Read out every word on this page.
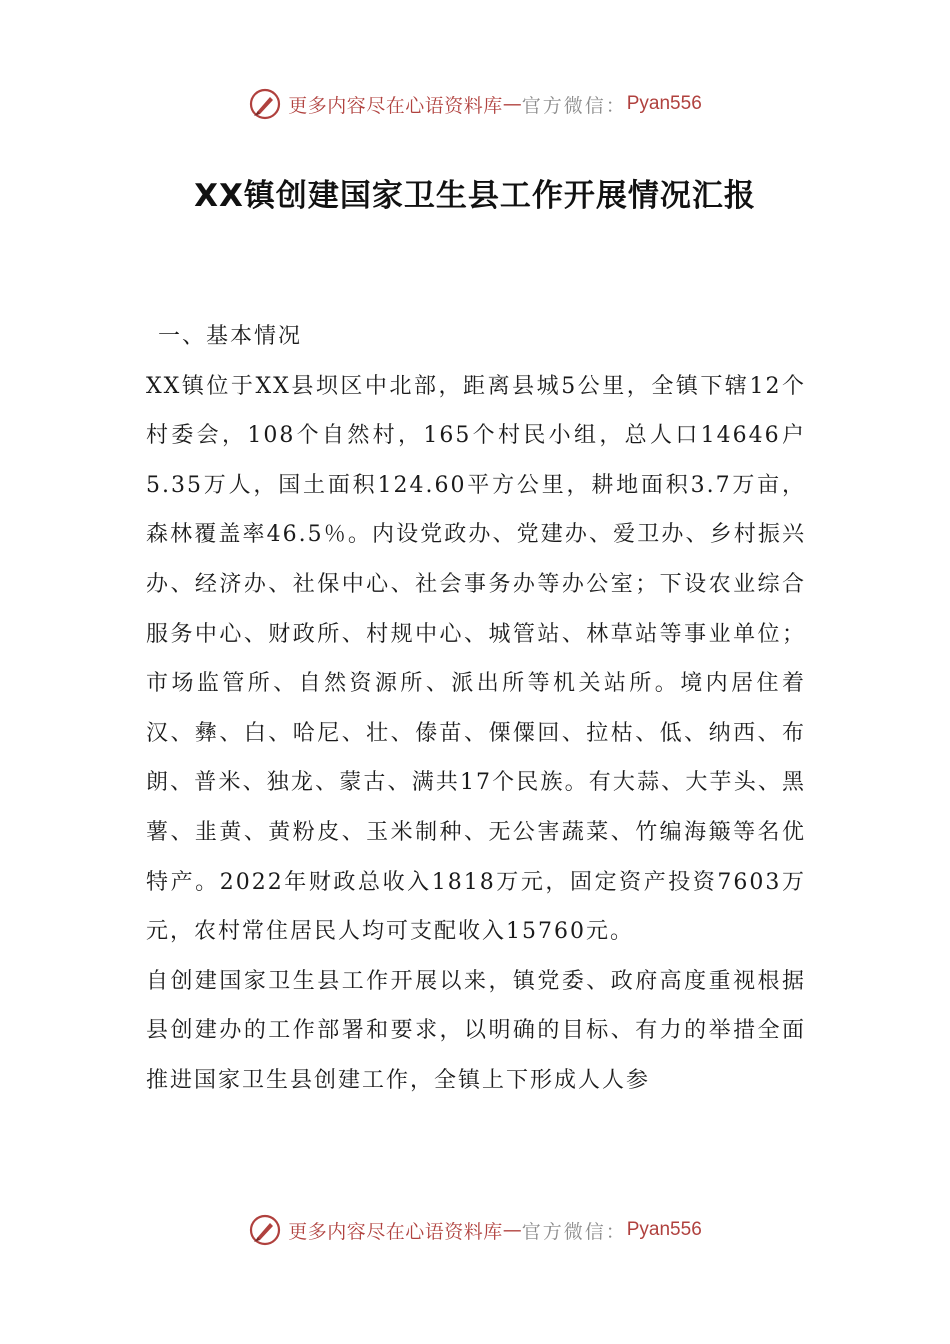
更多内容尽在心语资料库 — 官方微信： Pyan556
XX镇创建国家卫生县工作开展情况汇报

一、基本情况

XX镇位于XX县坝区中北部，距离县城5公里，全镇下辖12个村委会，108个自然村，165个村民小组，总人口14646户5.35万人，国土面积124.60平方公里，耕地面积3.7万亩，森林覆盖率46.5％。内设党政办、党建办、爱卫办、乡村振兴办、经济办、社保中心、社会事务办等办公室；下设农业综合服务中心、财政所、村规中心、城管站、林草站等事业单位；市场监管所、自然资源所、派出所等机关站所。境内居住着汉、彝、白、哈尼、壮、傣苗、傈僳回、拉枯、低、纳西、布朗、普米、独龙、蒙古、满共17个民族。有大蒜、大芋头、黑薯、韭黄、黄粉皮、玉米制种、无公害蔬菜、竹编海簸等名优特产。2022年财政总收入1818万元，固定资产投资7603万元，农村常住居民人均可支配收入15760元。

自创建国家卫生县工作开展以来，镇党委、政府高度重视根据县创建办的工作部署和要求，以明确的目标、有力的举措全面推进国家卫生县创建工作，全镇上下形成人人参

更多内容尽在心语资料库 — 官方微信： Pyan556
